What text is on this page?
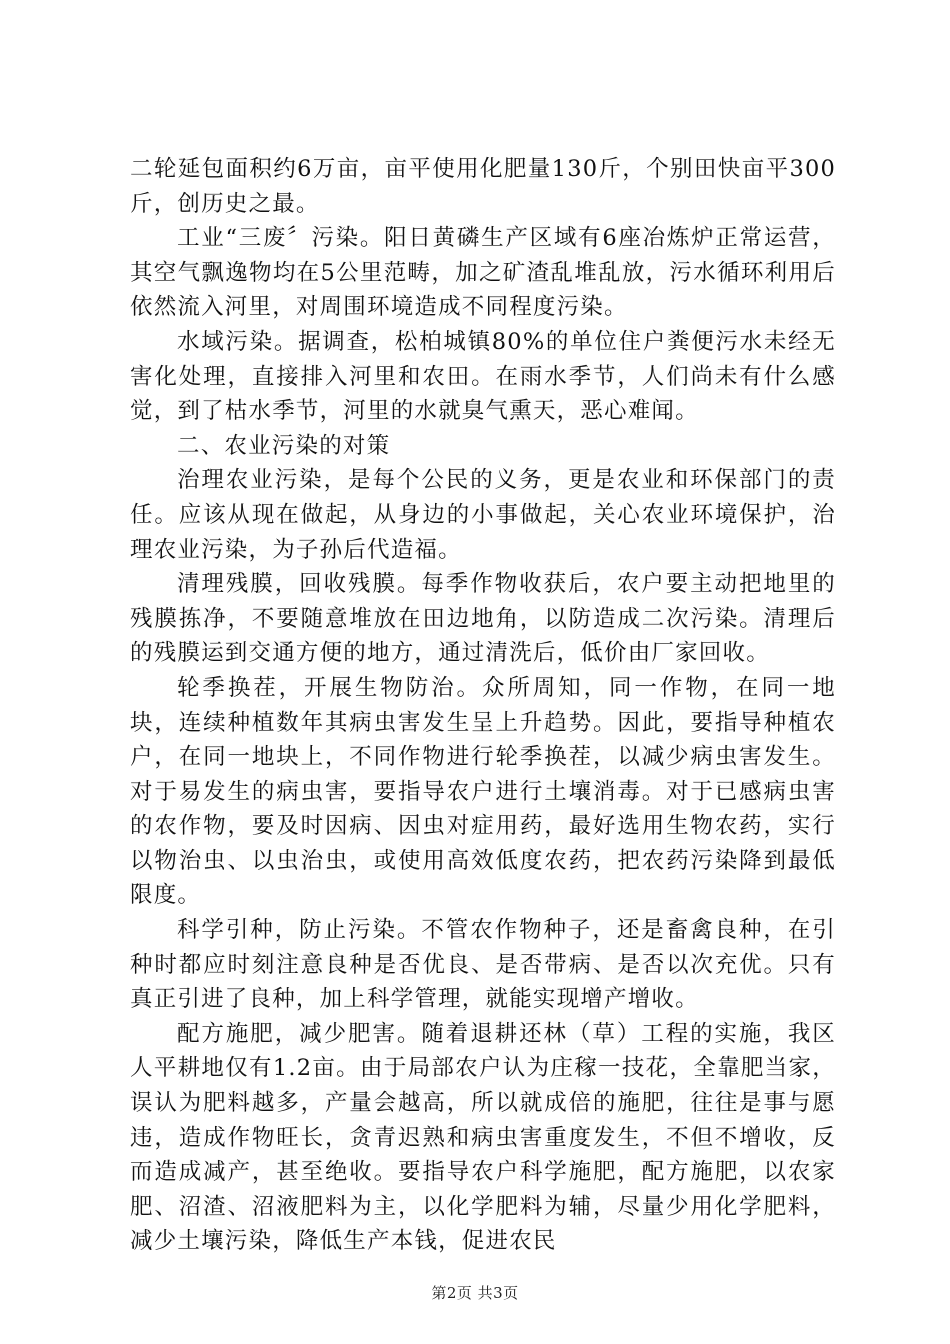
二轮延包面积约6万亩，亩平使用化肥量130斤，个别田快亩平300斤，创历史之最。

工业“三废〞污染。阳日黄磷生产区域有6座冶炼炉正常运营，其空气飘逸物均在5公里范畴，加之矿渣乱堆乱放，污水循环利用后依然流入河里，对周围环境造成不同程度污染。

水域污染。据调查，松柏城镇80%的单位住户粪便污水未经无害化处理，直接排入河里和农田。在雨水季节，人们尚未有什么感觉，到了枯水季节，河里的水就臭气熏天，恶心难闻。

二、农业污染的对策

治理农业污染，是每个公民的义务，更是农业和环保部门的责任。应该从现在做起，从身边的小事做起，关心农业环境保护，治理农业污染，为子孙后代造福。

清理残膜，回收残膜。每季作物收获后，农户要主动把地里的残膜拣净，不要随意堆放在田边地角，以防造成二次污染。清理后的残膜运到交通方便的地方，通过清洗后，低价由厂家回收。

轮季换茬，开展生物防治。众所周知，同一作物，在同一地块，连续种植数年其病虫害发生呈上升趋势。因此，要指导种植农户，在同一地块上，不同作物进行轮季换茬，以减少病虫害发生。对于易发生的病虫害，要指导农户进行土壤消毒。对于已感病虫害的农作物，要及时因病、因虫对症用药，最好选用生物农药，实行以物治虫、以虫治虫，或使用高效低度农药，把农药污染降到最低限度。

科学引种，防止污染。不管农作物种子，还是畜禽良种，在引种时都应时刻注意良种是否优良、是否带病、是否以次充优。只有真正引进了良种，加上科学管理，就能实现增产增收。

配方施肥，减少肥害。随着退耕还林（草）工程的实施，我区人平耕地仅有1.2亩。由于局部农户认为庄稼一技花，全靠肥当家，误认为肥料越多，产量会越高，所以就成倍的施肥，往往是事与愿违，造成作物旺长，贪青迟熟和病虫害重度发生，不但不增收，反而造成减产，甚至绝收。要指导农户科学施肥，配方施肥，以农家肥、沼渣、沼液肥料为主，以化学肥料为辅，尽量少用化学肥料，减少土壤污染，降低生产本钱，促进农民

第2页 共3页
